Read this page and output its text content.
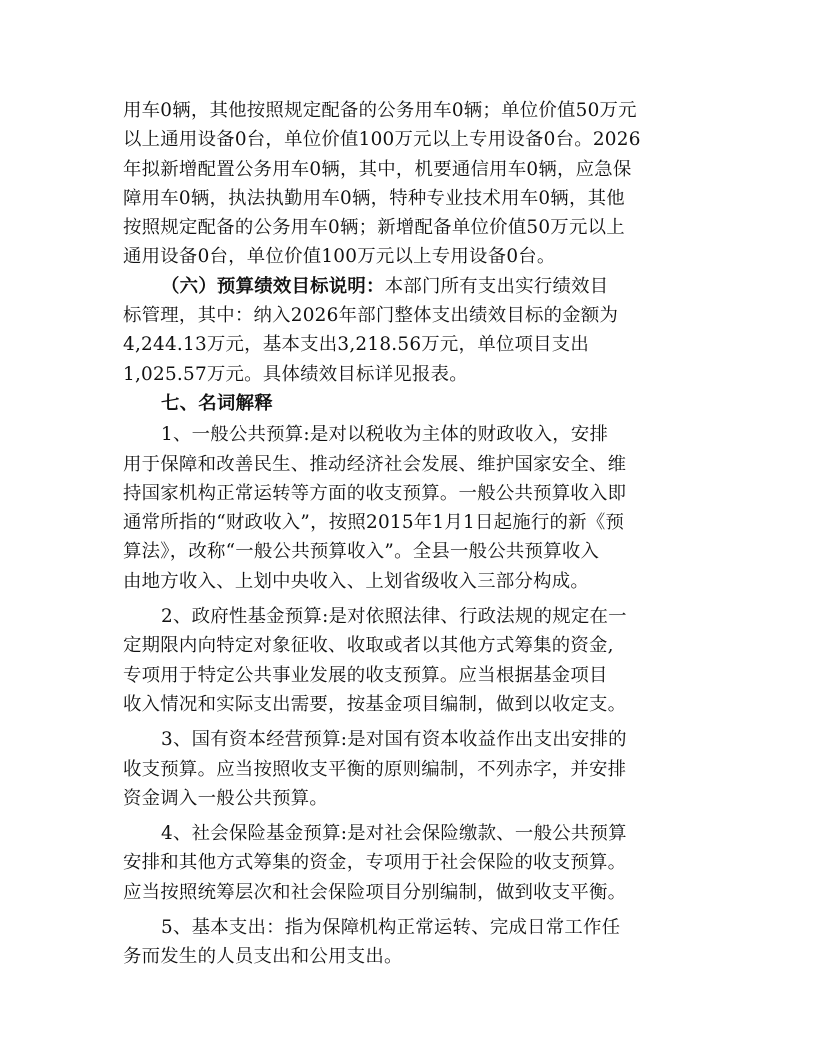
用车0辆，其他按照规定配备的公务用车0辆；单位价值50万元
以上通用设备0台，单位价值100万元以上专用设备0台。2026
年拟新增配置公务用车0辆，其中，机要通信用车0辆，应急保
障用车0辆，执法执勤用车0辆，特种专业技术用车0辆，其他
按照规定配备的公务用车0辆；新增配备单位价值50万元以上
通用设备0台，单位价值100万元以上专用设备0台。
（六）预算绩效目标说明：本部门所有支出实行绩效目
标管理，其中：纳入2026年部门整体支出绩效目标的金额为
4,244.13万元，基本支出3,218.56万元，单位项目支出
1,025.57万元。具体绩效目标详见报表。
七、名词解释
1、一般公共预算:是对以税收为主体的财政收入，安排
用于保障和改善民生、推动经济社会发展、维护国家安全、维
持国家机构正常运转等方面的收支预算。一般公共预算收入即
通常所指的“财政收入”，按照2015年1月1日起施行的新《预
算法》，改称“一般公共预算收入”。全县一般公共预算收入
由地方收入、上划中央收入、上划省级收入三部分构成。
2、政府性基金预算:是对依照法律、行政法规的规定在一
定期限内向特定对象征收、收取或者以其他方式筹集的资金,
专项用于特定公共事业发展的收支预算。应当根据基金项目
收入情况和实际支出需要，按基金项目编制，做到以收定支。
3、国有资本经营预算:是对国有资本收益作出支出安排的
收支预算。应当按照收支平衡的原则编制，不列赤字，并安排
资金调入一般公共预算。
4、社会保险基金预算:是对社会保险缴款、一般公共预算
安排和其他方式筹集的资金，专项用于社会保险的收支预算。
应当按照统筹层次和社会保险项目分别编制，做到收支平衡。
5、基本支出：指为保障机构正常运转、完成日常工作任
务而发生的人员支出和公用支出。
